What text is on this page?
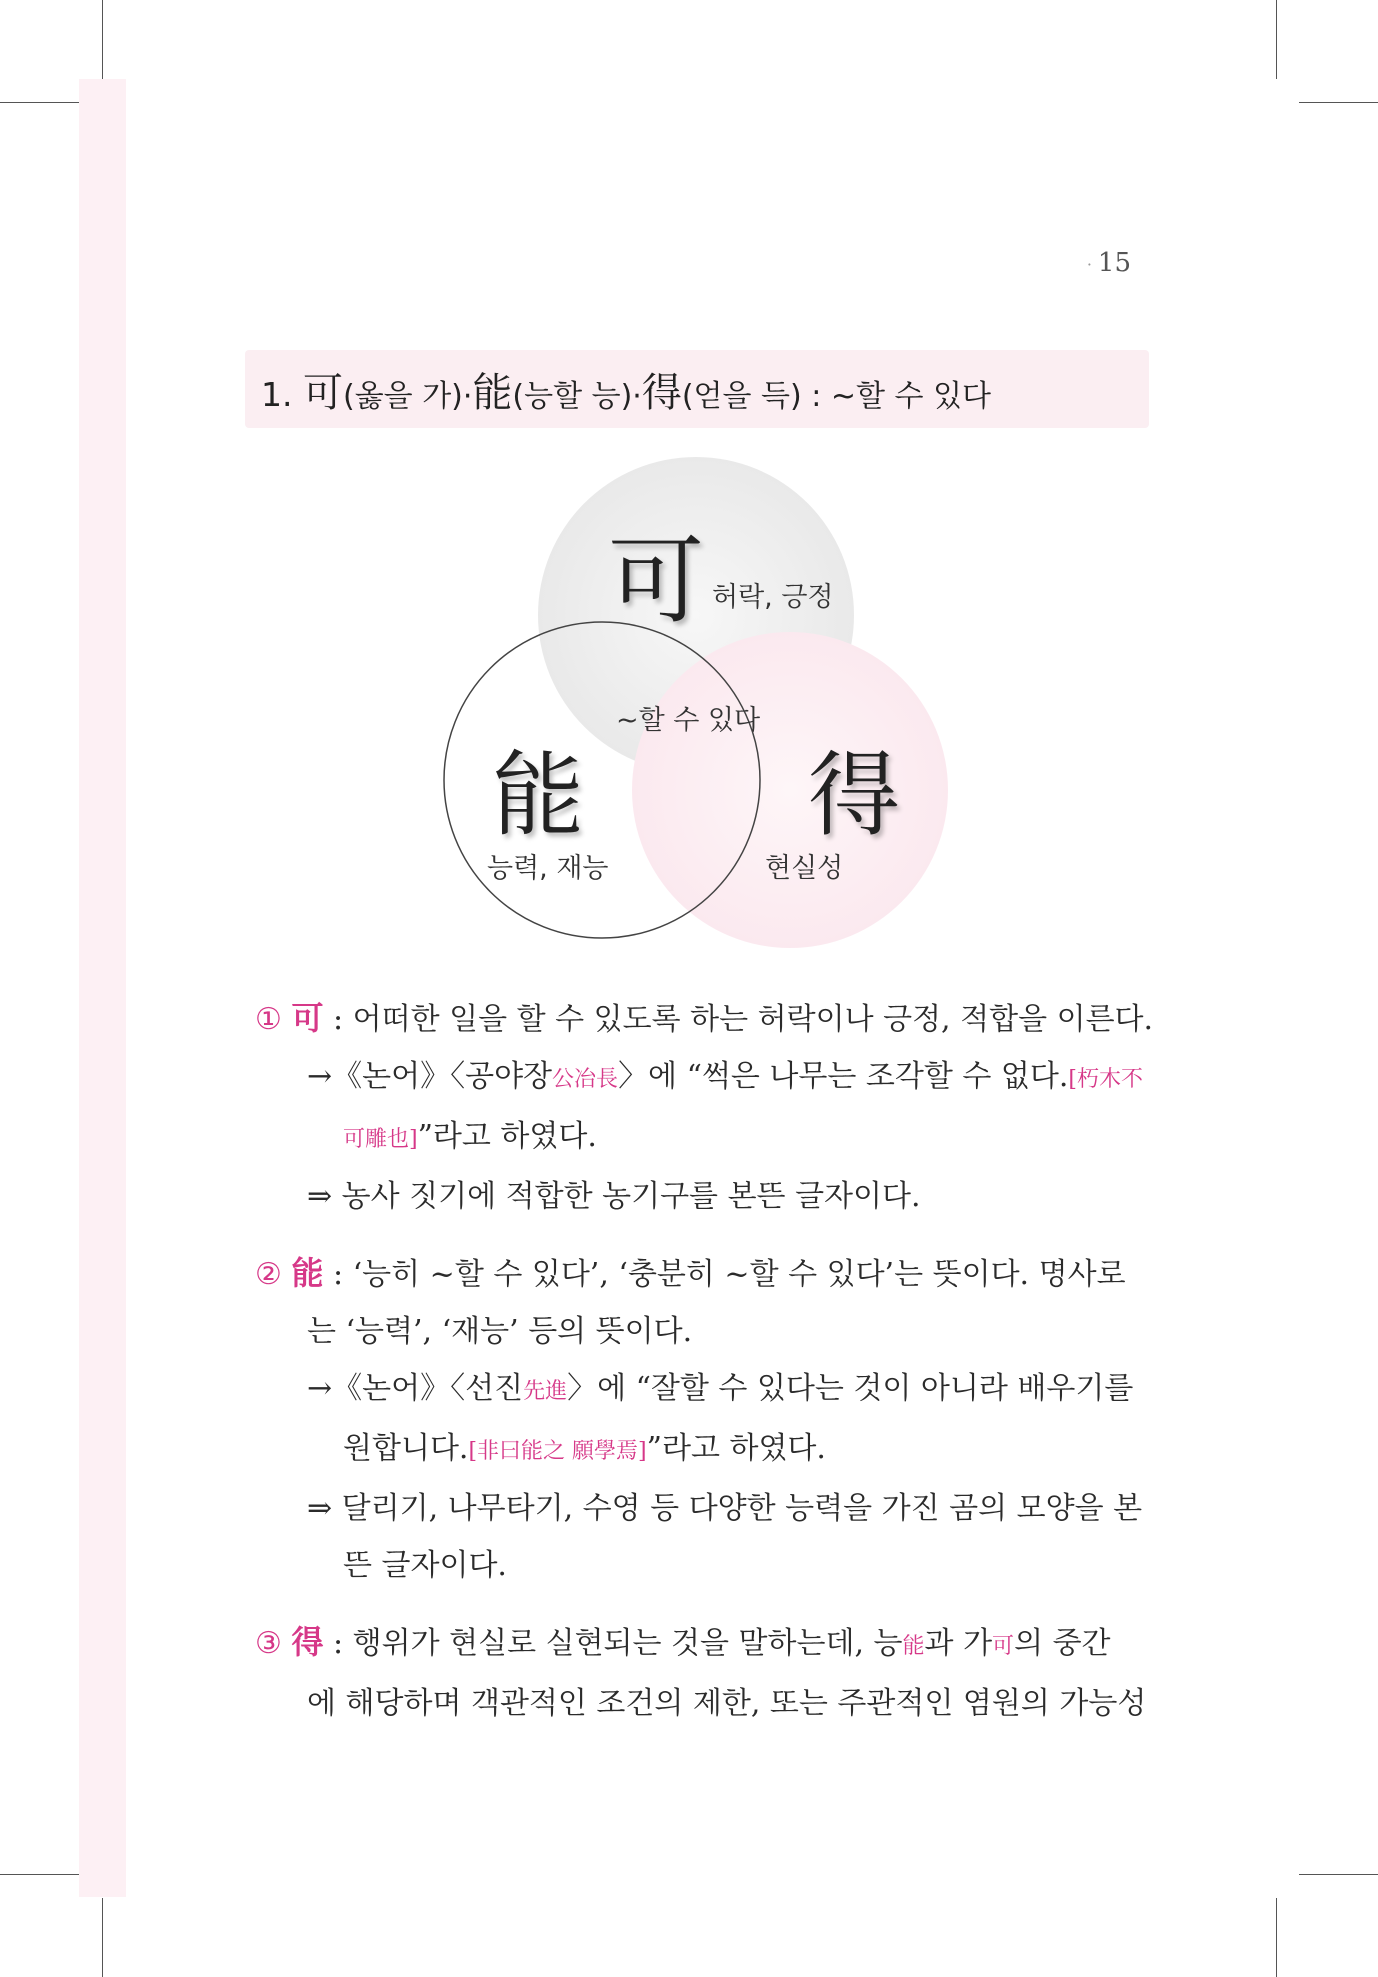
· 15
1. 可(옳을 가)·能(능할 능)·得(얻을 득) : ~할 수 있다
可 허락, 긍정
~할 수 있다
能
능력, 재능
得
현실성
① 可 : 어떠한 일을 할 수 있도록 하는 허락이나 긍정, 적합을 이른다.
→《논어》〈공야장公冶長〉에 “썩은 나무는 조각할 수 없다.[朽木不
可雕也]”라고 하였다.
⇒ 농사 짓기에 적합한 농기구를 본뜬 글자이다.
② 能 : ‘능히 ~할 수 있다’, ‘충분히 ~할 수 있다’는 뜻이다. 명사로
는 ‘능력’, ‘재능’ 등의 뜻이다.
→《논어》〈선진先進〉에 “잘할 수 있다는 것이 아니라 배우기를
원합니다.[非曰能之 願學焉]”라고 하였다.
⇒ 달리기, 나무타기, 수영 등 다양한 능력을 가진 곰의 모양을 본
뜬 글자이다.
③ 得 : 행위가 현실로 실현되는 것을 말하는데, 능能과 가可의 중간
에 해당하며 객관적인 조건의 제한, 또는 주관적인 염원의 가능성
